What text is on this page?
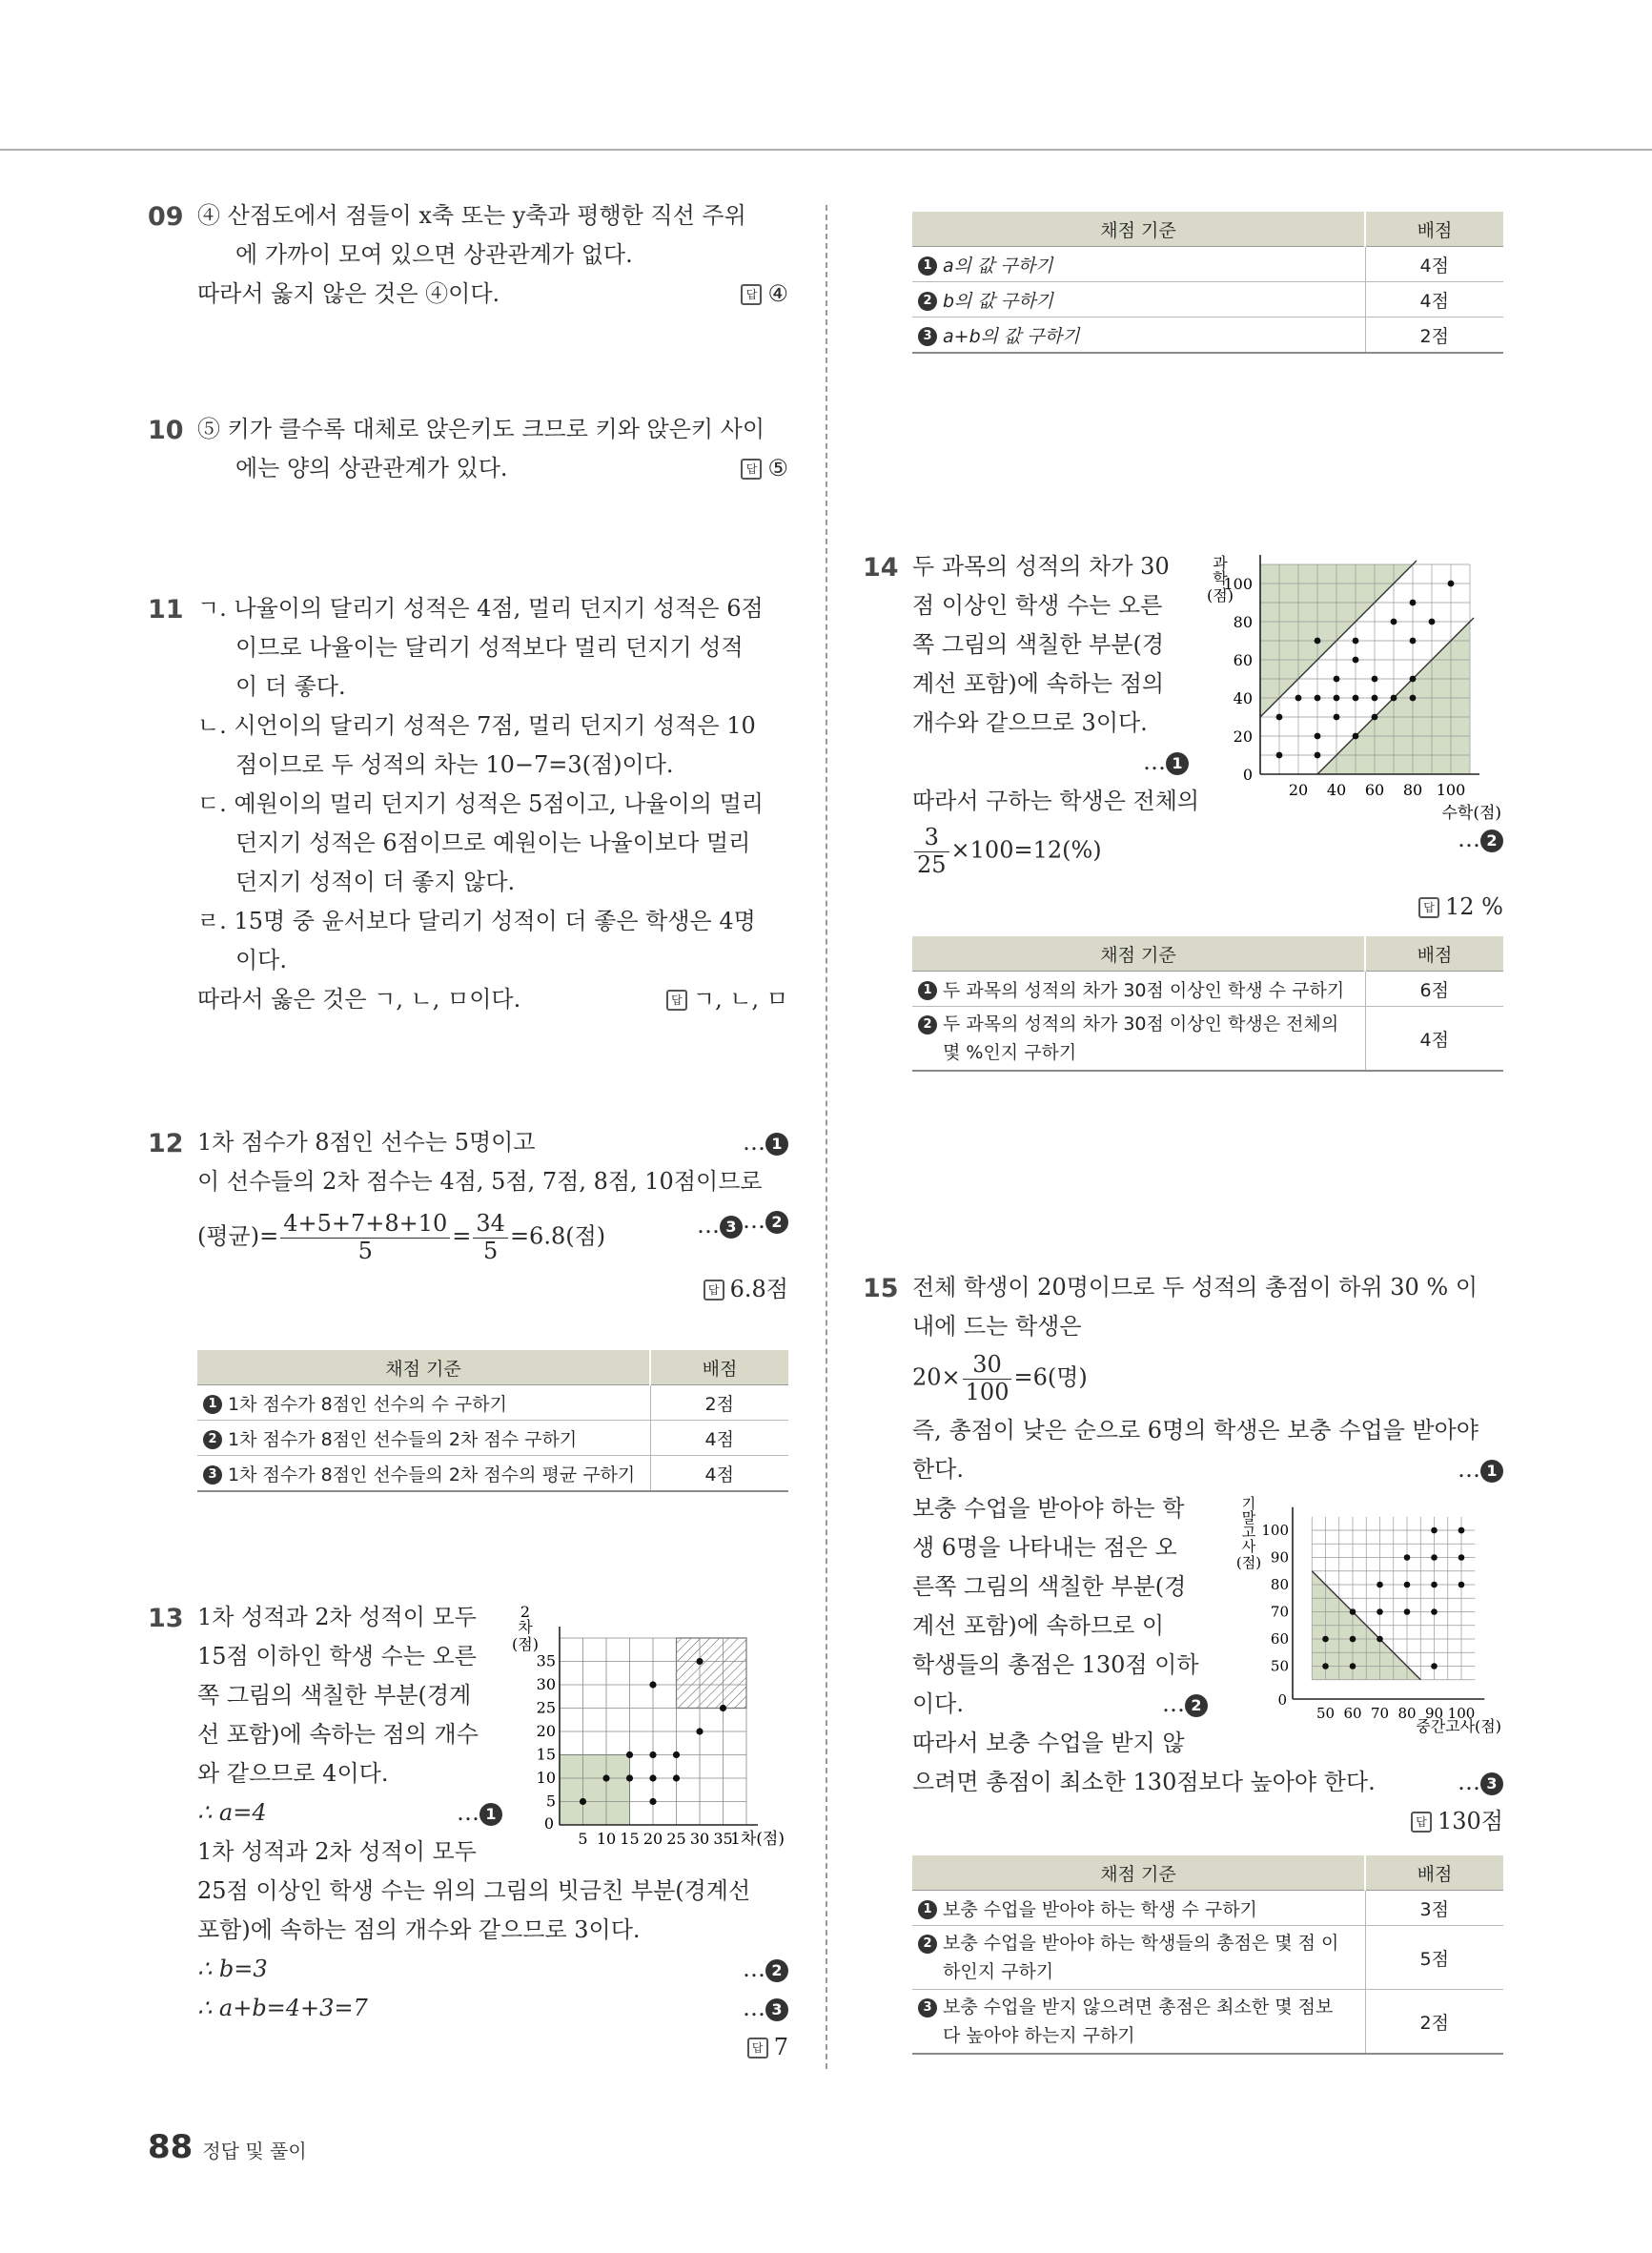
09 ④ 산점도에서 점들이 x축 또는 y축과 평행한 직선 주위
에 가까이 모여 있으면 상관관계가 없다.
따라서 옳지 않은 것은 ④이다.	답 ④
10 ⑤ 키가 클수록 대체로 앉은키도 크므로 키와 앉은키 사이
에는 양의 상관관계가 있다.	답 ⑤
11 ㄱ. 나율이의 달리기 성적은 4점, 멀리 던지기 성적은 6점
이므로 나율이는 달리기 성적보다 멀리 던지기 성적
이 더 좋다.
ㄴ. 시언이의 달리기 성적은 7점, 멀리 던지기 성적은 10
점이므로 두 성적의 차는 10−7=3(점)이다.
ㄷ. 예원이의 멀리 던지기 성적은 5점이고, 나율이의 멀리
던지기 성적은 6점이므로 예원이는 나율이보다 멀리
던지기 성적이 더 좋지 않다.
ㄹ. 15명 중 윤서보다 달리기 성적이 더 좋은 학생은 4명
이다.
따라서 옳은 것은 ㄱ, ㄴ, ㅁ이다.	답 ㄱ, ㄴ, ㅁ
12 1차 점수가 8점인 선수는 5명이고	… 1
이 선수들의 2차 점수는 4점, 5점, 7점, 8점, 10점이므로
… 2
(평균)= $\frac{4+5+7+8+10}{5} = \frac{34}{5} =6.8$(점)	… 3
답 6.8점
채점 기준	배점
1 1차 점수가 8점인 선수의 수 구하기	2점
2 1차 점수가 8점인 선수들의 2차 점수 구하기	4점
3 1차 점수가 8점인 선수들의 2차 점수의 평균 구하기	4점
13 1차 성적과 2차 성적이 모두
15점 이하인 학생 수는 오른
쪽 그림의 색칠한 부분(경계
선 포함)에 속하는 점의 개수
와 같으므로 4이다.
∴ a=4	… 1
1차 성적과 2차 성적이 모두
25점 이상인 학생 수는 위의 그림의 빗금친 부분(경계선
포함)에 속하는 점의 개수와 같으므로 3이다.
∴ b=3	… 2
∴ a+b=4+3=7	… 3
답 7
0
5 10 15 20 25 30 35
5
10
15
20
25
30
35
2
차
(점)
1차(점)
채점 기준	배점
1 a의 값 구하기	4점
2 b의 값 구하기	4점
3 a+b의 값 구하기	2점
14 두 과목의 성적의 차가 30
점 이상인 학생 수는 오른
쪽 그림의 색칠한 부분(경
계선 포함)에 속하는 점의
개수와 같으므로 3이다.
… 1
따라서 구하는 학생은 전체의
$\frac{3}{25} \times 100=12(\%)$	… 2
답 12 %
0
20 40 60 80 100
20
40
60
80
100
과
학
(점)
수학(점)
채점 기준	배점
1 두 과목의 성적의 차가 30점 이상인 학생 수 구하기	6점
2 두 과목의 성적의 차가 30점 이상인 학생은 전체의
몇 %인지 구하기	4점
15 전체 학생이 20명이므로 두 성적의 총점이 하위 30 % 이
내에 드는 학생은
$20\times \frac{30}{100} =6$(명)
즉, 총점이 낮은 순으로 6명의 학생은 보충 수업을 받아야
한다.	… 1
보충 수업을 받아야 하는 학
생 6명을 나타내는 점은 오
른쪽 그림의 색칠한 부분(경
계선 포함)에 속하므로 이
학생들의 총점은 130점 이하
이다.	… 2
따라서 보충 수업을 받지 않
으려면 총점이 최소한 130점보다 높아야 한다.	… 3
답 130점
0
50 60 70 80 90 100
50
60
70
80
90
100
기
말
고
사
(점)
중간고사(점)
채점 기준	배점
1 보충 수업을 받아야 하는 학생 수 구하기	3점
2 보충 수업을 받아야 하는 학생들의 총점은 몇 점 이
하인지 구하기	5점
3 보충 수업을 받지 않으려면 총점은 최소한 몇 점보
다 높아야 하는지 구하기	2점
88 정답 및 풀이
